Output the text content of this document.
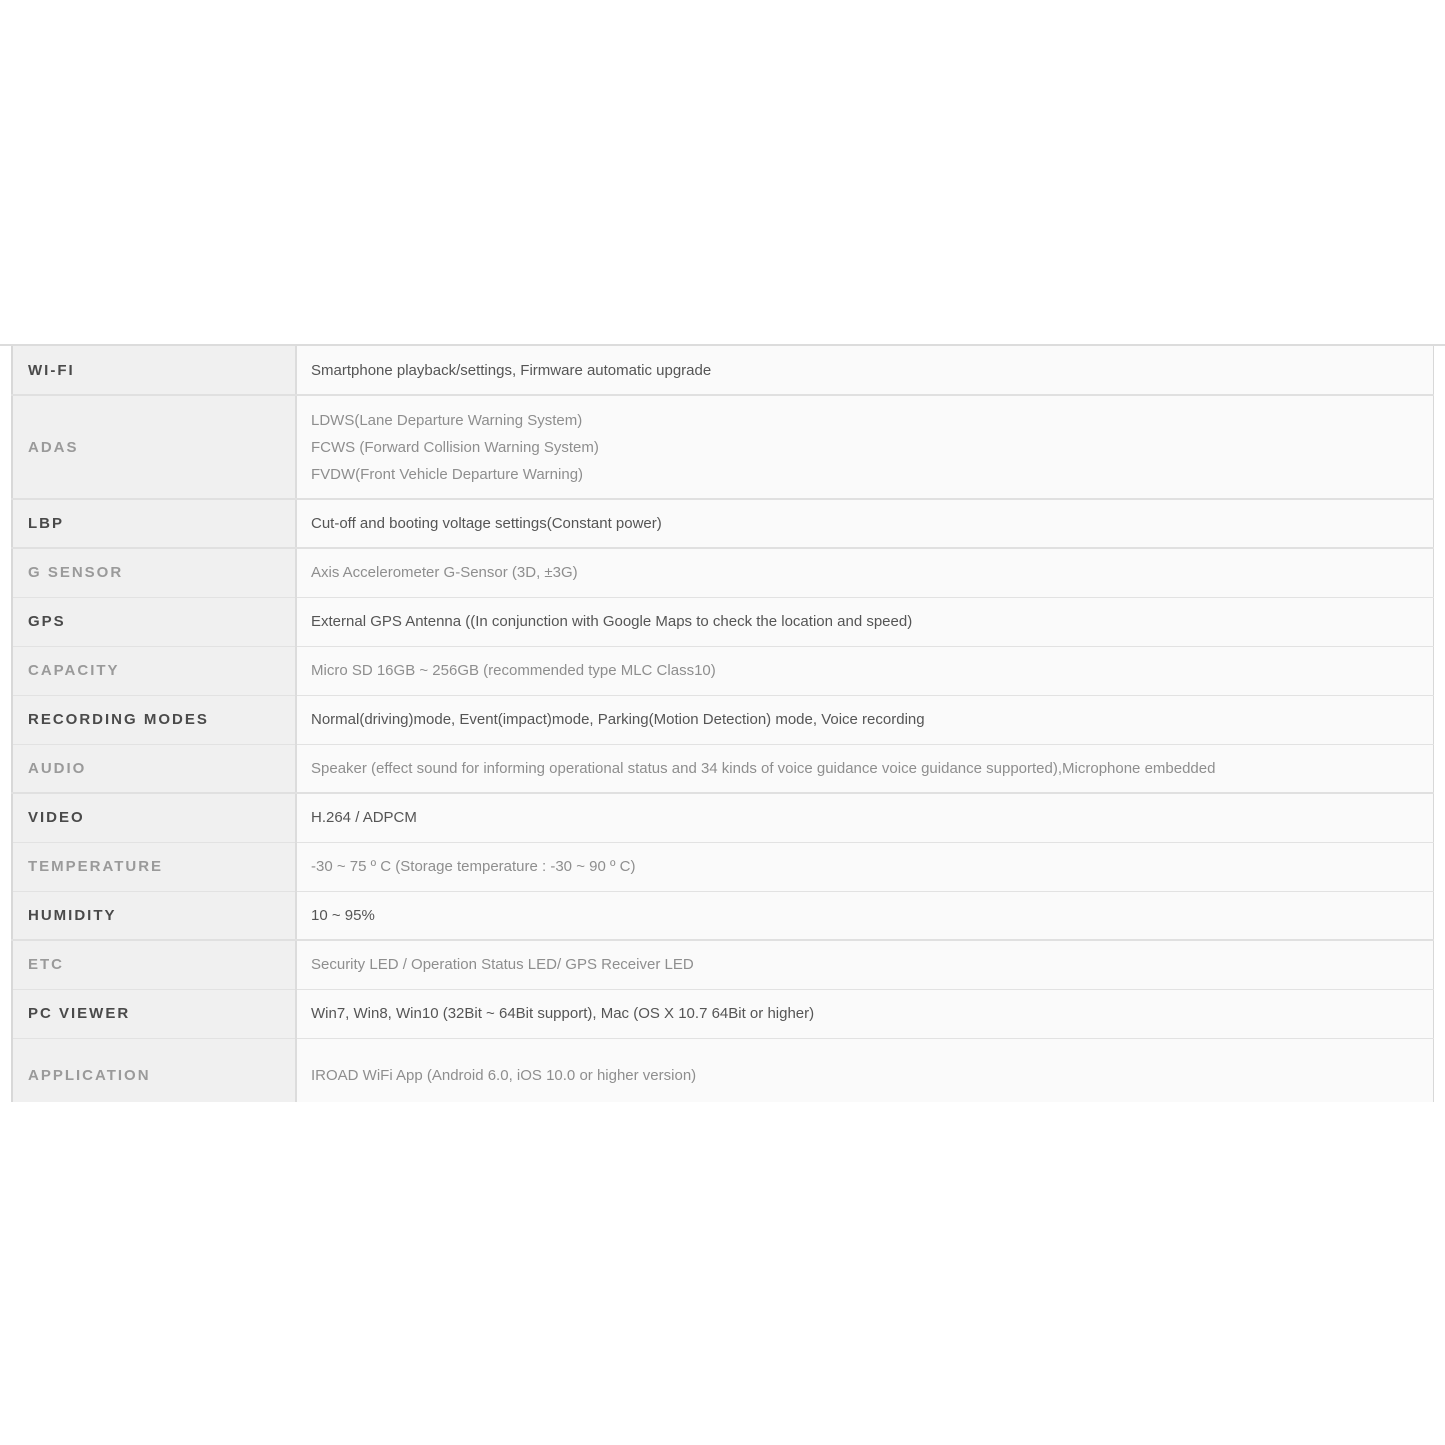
WI-FI	Smartphone playback/settings, Firmware automatic upgrade

ADAS	LDWS(Lane Departure Warning System)
FCWS (Forward Collision Warning System)
FVDW(Front Vehicle Departure Warning)

LBP	Cut-off and booting voltage settings(Constant power)

G SENSOR	Axis Accelerometer G-Sensor (3D, ±3G)

GPS	External GPS Antenna ((In conjunction with Google Maps to check the location and speed)

CAPACITY	Micro SD 16GB ~ 256GB (recommended type MLC Class10)

RECORDING MODES	Normal(driving)mode, Event(impact)mode, Parking(Motion Detection) mode, Voice recording

AUDIO	Speaker (effect sound for informing operational status and 34 kinds of voice guidance voice guidance supported),Microphone embedded

VIDEO	H.264 / ADPCM

TEMPERATURE	-30 ~ 75 º C (Storage temperature : -30 ~ 90 º C)

HUMIDITY	10 ~ 95%

ETC	Security LED / Operation Status LED/ GPS Receiver LED

PC VIEWER	Win7, Win8, Win10 (32Bit ~ 64Bit support), Mac (OS X 10.7 64Bit or higher)

APPLICATION	IROAD WiFi App (Android 6.0, iOS 10.0 or higher version)
